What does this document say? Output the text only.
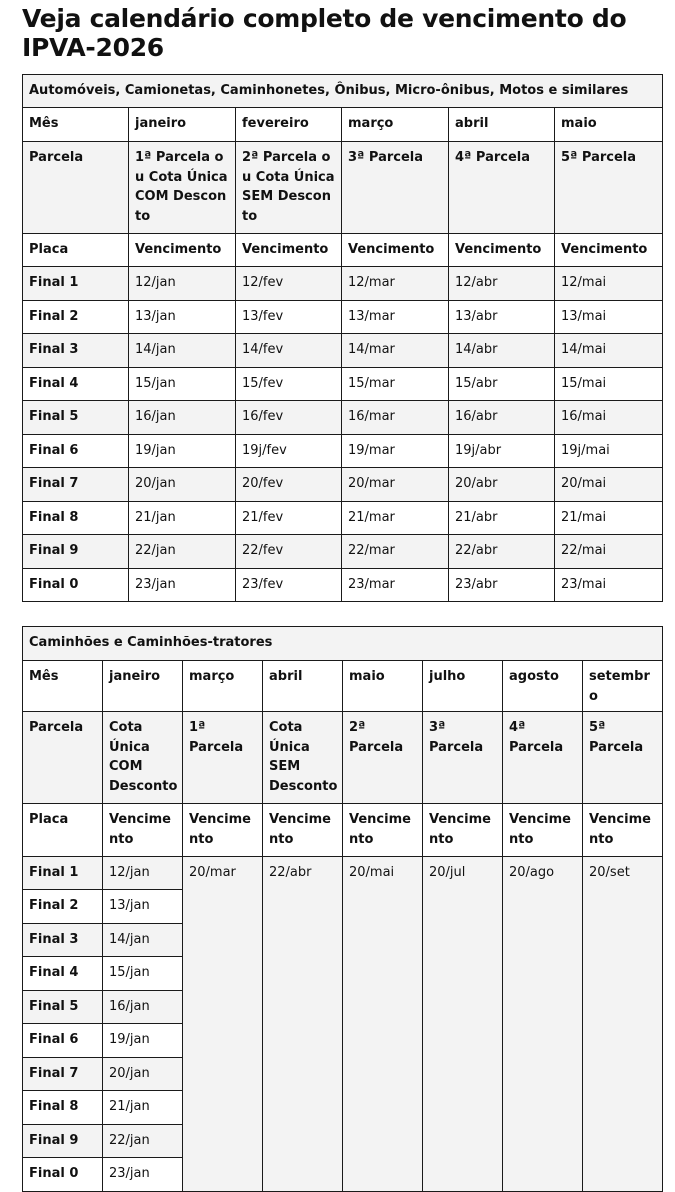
Veja calendário completo de vencimento do IPVA-2026
Automóveis, Camionetas, Caminhonetes, Ônibus, Micro-ônibus, Motos e similares					
Mês	janeiro	fevereiro	março	abril	maio
Parcela	1ª Parcela ou Cota Única COM Desconto	2ª Parcela ou Cota Única SEM Desconto	3ª Parcela	4ª Parcela	5ª Parcela
Placa	Vencimento	Vencimento	Vencimento	Vencimento	Vencimento
Final 1	12/jan	12/fev	12/mar	12/abr	12/mai
Final 2	13/jan	13/fev	13/mar	13/abr	13/mai
Final 3	14/jan	14/fev	14/mar	14/abr	14/mai
Final 4	15/jan	15/fev	15/mar	15/abr	15/mai
Final 5	16/jan	16/fev	16/mar	16/abr	16/mai
Final 6	19/jan	19j/fev	19/mar	19j/abr	19j/mai
Final 7	20/jan	20/fev	20/mar	20/abr	20/mai
Final 8	21/jan	21/fev	21/mar	21/abr	21/mai
Final 9	22/jan	22/fev	22/mar	22/abr	22/mai
Final 0	23/jan	23/fev	23/mar	23/abr	23/mai
Caminhões e Caminhões-tratores							
Mês	janeiro	março	abril	maio	julho	agosto	setembro
Parcela	Cota Única COM Desconto	1ª Parcela	Cota Única SEM Desconto	2ª Parcela	3ª Parcela	4ª Parcela	5ª Parcela
Placa	Vencimento	Vencimento	Vencimento	Vencimento	Vencimento	Vencimento	Vencimento
Final 1	12/jan	20/mar	22/abr	20/mai	20/jul	20/ago	20/set
Final 2	13/jan						
Final 3	14/jan						
Final 4	15/jan						
Final 5	16/jan						
Final 6	19/jan						
Final 7	20/jan						
Final 8	21/jan						
Final 9	22/jan						
Final 0	23/jan						
